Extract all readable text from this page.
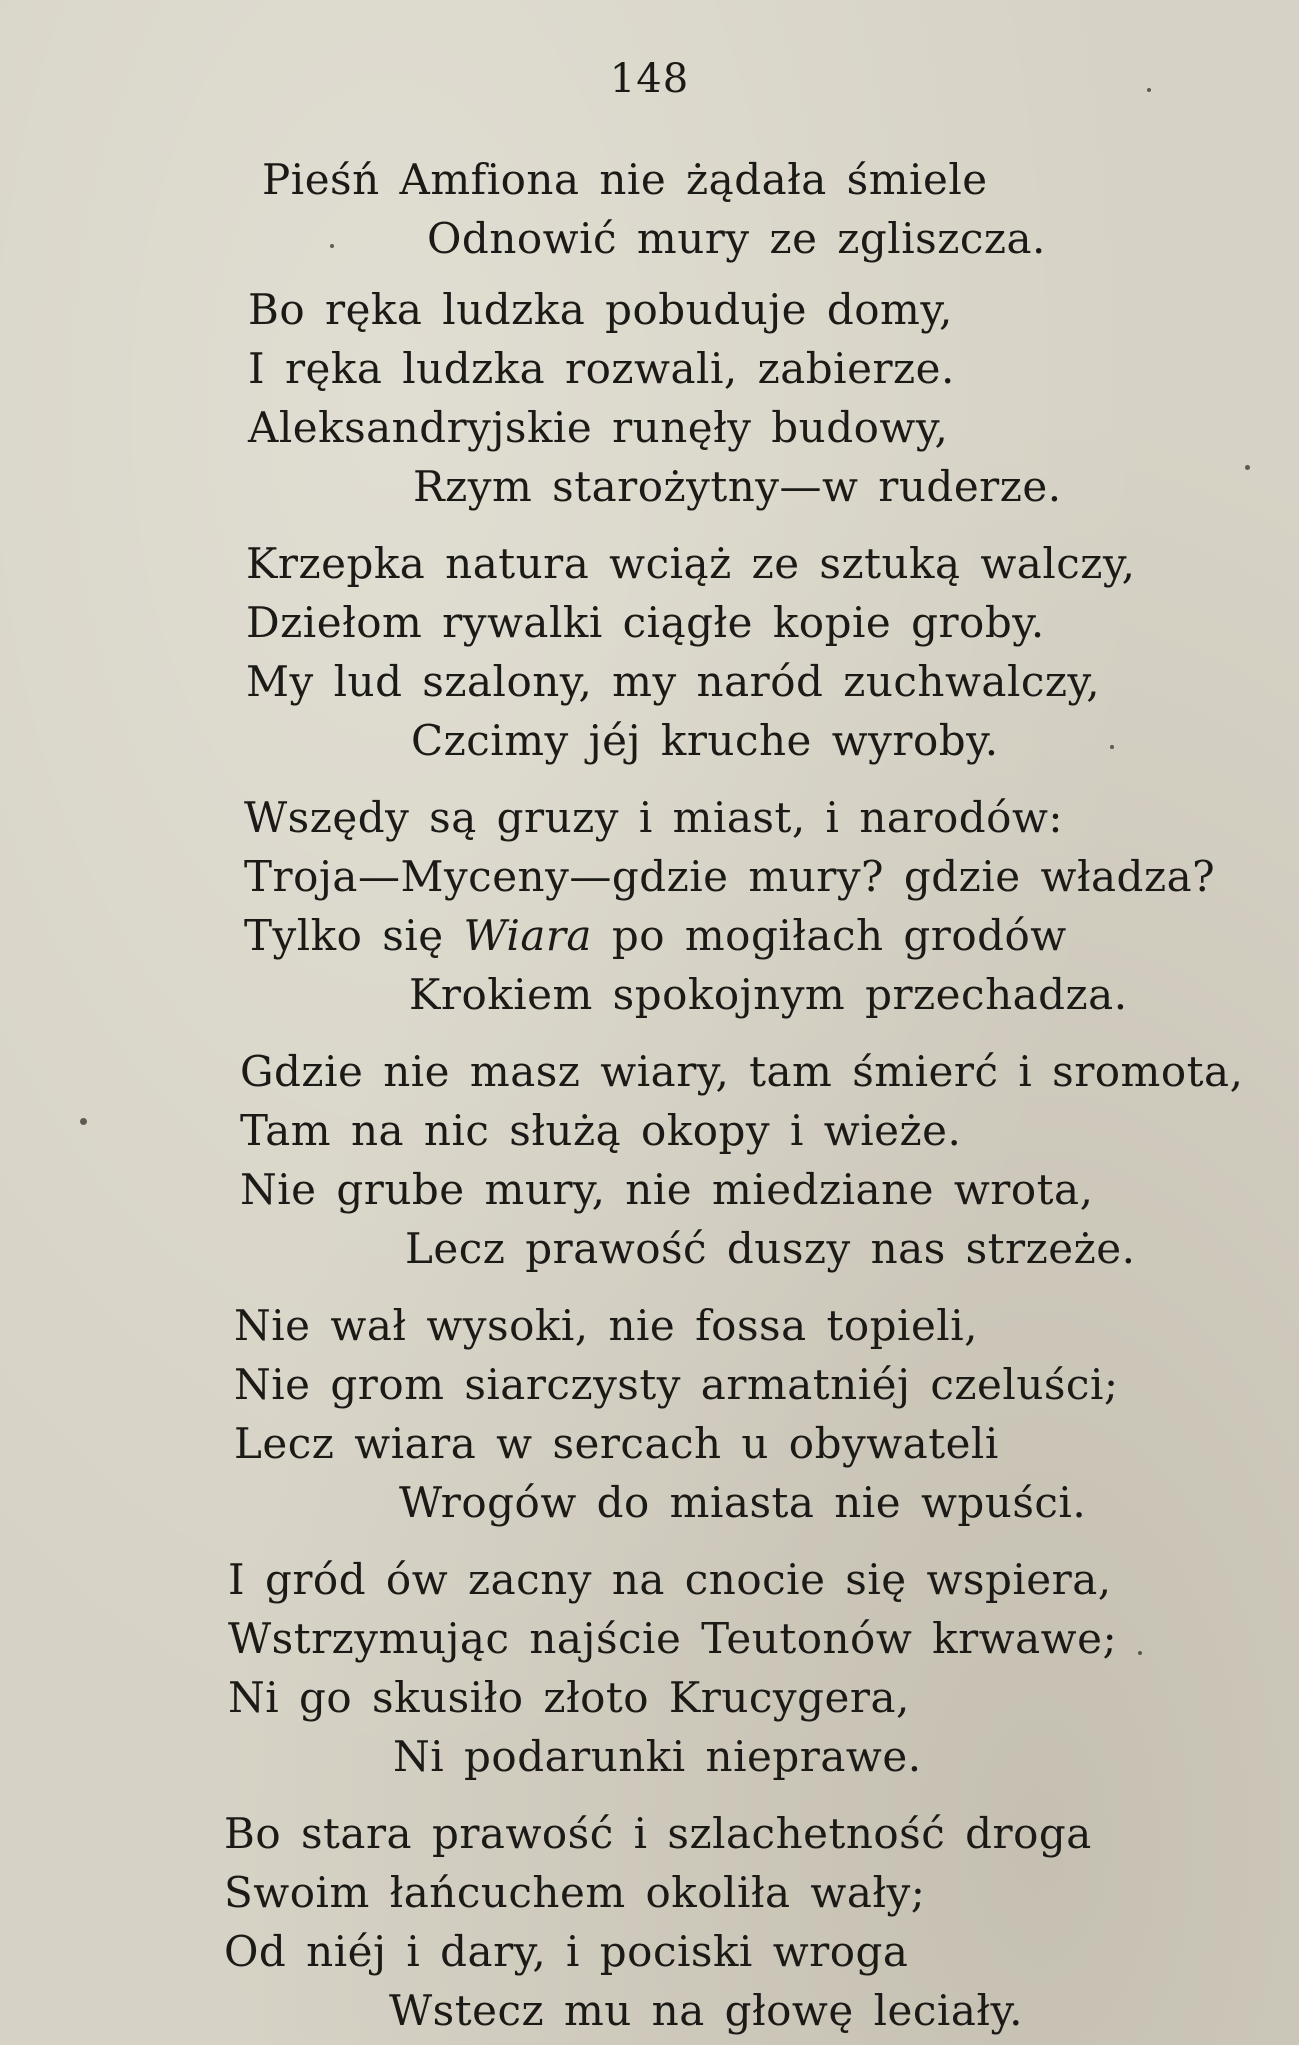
148
Pieśń Amfiona nie żądała śmiele
Odnowić mury ze zgliszcza.
Bo ręka ludzka pobuduje domy,
I ręka ludzka rozwali, zabierze.
Aleksandryjskie runęły budowy,
Rzym starożytny—w ruderze.
Krzepka natura wciąż ze sztuką walczy,
Dziełom rywalki ciągłe kopie groby.
My lud szalony, my naród zuchwalczy,
Czcimy jéj kruche wyroby.
Wszędy są gruzy i miast, i narodów:
Troja—Myceny—gdzie mury? gdzie władza?
Tylko się Wiara po mogiłach grodów
Krokiem spokojnym przechadza.
Gdzie nie masz wiary, tam śmierć i sromota,
Tam na nic służą okopy i wieże.
Nie grube mury, nie miedziane wrota,
Lecz prawość duszy nas strzeże.
Nie wał wysoki, nie fossa topieli,
Nie grom siarczysty armatniéj czeluści;
Lecz wiara w sercach u obywateli
Wrogów do miasta nie wpuści.
I gród ów zacny na cnocie się wspiera,
Wstrzymując najście Teutonów krwawe;
Ni go skusiło złoto Krucygera,
Ni podarunki nieprawe.
Bo stara prawość i szlachetność droga
Swoim łańcuchem okoliła wały;
Od niéj i dary, i pociski wroga
Wstecz mu na głowę leciały.
